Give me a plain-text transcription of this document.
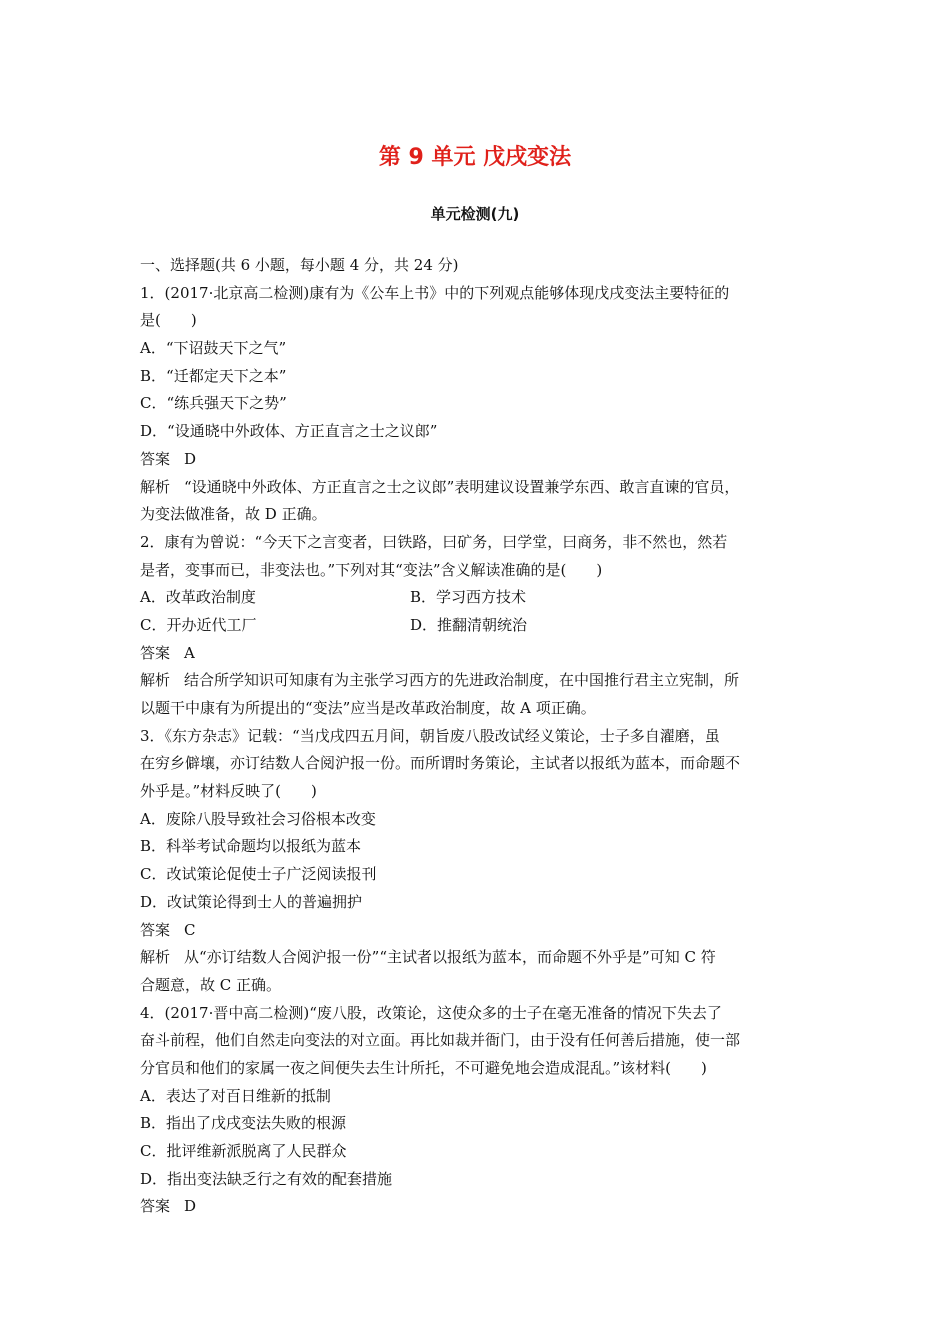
第 9 单元 戊戌变法
单元检测(九)
一、选择题(共 6 小题，每小题 4 分，共 24 分)
1．(2017·北京高二检测)康有为《公车上书》中的下列观点能够体现戊戌变法主要特征的
是(　　)
A．“下诏鼓天下之气”
B．“迁都定天下之本”
C．“练兵强天下之势”
D．“设通晓中外政体、方正直言之士之议郎”
答案 D
解析 “设通晓中外政体、方正直言之士之议郎”表明建议设置兼学东西、敢言直谏的官员，
为变法做准备，故 D 正确。
2．康有为曾说：“今天下之言变者，曰铁路，曰矿务，曰学堂，曰商务，非不然也，然若
是者，变事而已，非变法也。”下列对其“变法”含义解读准确的是(　　)
A．改革政治制度	B．学习西方技术
C．开办近代工厂	D．推翻清朝统治
答案 A
解析 结合所学知识可知康有为主张学习西方的先进政治制度，在中国推行君主立宪制，所
以题干中康有为所提出的“变法”应当是改革政治制度，故 A 项正确。
3．《东方杂志》记载：“当戊戌四五月间，朝旨废八股改试经义策论，士子多自濯磨，虽
在穷乡僻壤，亦订结数人合阅沪报一份。而所谓时务策论，主试者以报纸为蓝本，而命题不
外乎是。”材料反映了(　　)
A．废除八股导致社会习俗根本改变
B．科举考试命题均以报纸为蓝本
C．改试策论促使士子广泛阅读报刊
D．改试策论得到士人的普遍拥护
答案 C
解析 从“亦订结数人合阅沪报一份”“主试者以报纸为蓝本，而命题不外乎是”可知 C 符
合题意，故 C 正确。
4．(2017·晋中高二检测)“废八股，改策论，这使众多的士子在毫无准备的情况下失去了
奋斗前程，他们自然走向变法的对立面。再比如裁并衙门，由于没有任何善后措施，使一部
分官员和他们的家属一夜之间便失去生计所托，不可避免地会造成混乱。”该材料(　　)
A．表达了对百日维新的抵制
B．指出了戊戌变法失败的根源
C．批评维新派脱离了人民群众
D．指出变法缺乏行之有效的配套措施
答案 D
